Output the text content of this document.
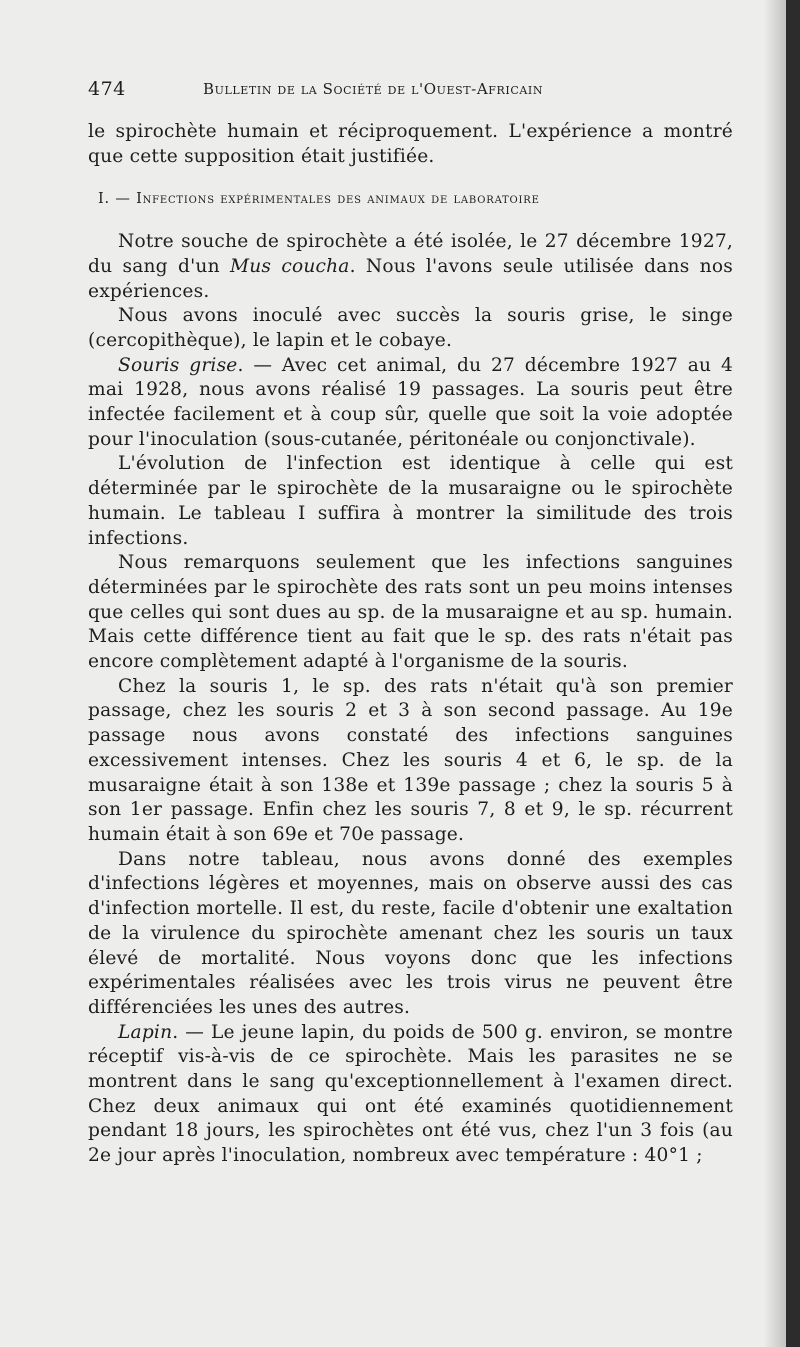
474	Bulletin de la Société de l'Ouest-Africain

le spirochète humain et réciproquement. L'expérience a montré que cette supposition était justifiée.

I. — Infections expérimentales des animaux de laboratoire

Notre souche de spirochète a été isolée, le 27 décembre 1927, du sang d'un Mus coucha. Nous l'avons seule utilisée dans nos expériences.

Nous avons inoculé avec succès la souris grise, le singe (cercopithèque), le lapin et le cobaye.

Souris grise. — Avec cet animal, du 27 décembre 1927 au 4 mai 1928, nous avons réalisé 19 passages. La souris peut être infectée facilement et à coup sûr, quelle que soit la voie adoptée pour l'inoculation (sous-cutanée, péritonéale ou conjonctivale).

L'évolution de l'infection est identique à celle qui est déterminée par le spirochète de la musaraigne ou le spirochète humain. Le tableau I suffira à montrer la similitude des trois infections.

Nous remarquons seulement que les infections sanguines déterminées par le spirochète des rats sont un peu moins intenses que celles qui sont dues au sp. de la musaraigne et au sp. humain. Mais cette différence tient au fait que le sp. des rats n'était pas encore complètement adapté à l'organisme de la souris.

Chez la souris 1, le sp. des rats n'était qu'à son premier passage, chez les souris 2 et 3 à son second passage. Au 19e passage nous avons constaté des infections sanguines excessivement intenses. Chez les souris 4 et 6, le sp. de la musaraigne était à son 138e et 139e passage ; chez la souris 5 à son 1er passage. Enfin chez les souris 7, 8 et 9, le sp. récurrent humain était à son 69e et 70e passage.

Dans notre tableau, nous avons donné des exemples d'infections légères et moyennes, mais on observe aussi des cas d'infection mortelle. Il est, du reste, facile d'obtenir une exaltation de la virulence du spirochète amenant chez les souris un taux élevé de mortalité. Nous voyons donc que les infections expérimentales réalisées avec les trois virus ne peuvent être différenciées les unes des autres.

Lapin. — Le jeune lapin, du poids de 500 g. environ, se montre réceptif vis-à-vis de ce spirochète. Mais les parasites ne se montrent dans le sang qu'exceptionnellement à l'examen direct. Chez deux animaux qui ont été examinés quotidiennement pendant 18 jours, les spirochètes ont été vus, chez l'un 3 fois (au 2e jour après l'inoculation, nombreux avec température : 40°1 ;
